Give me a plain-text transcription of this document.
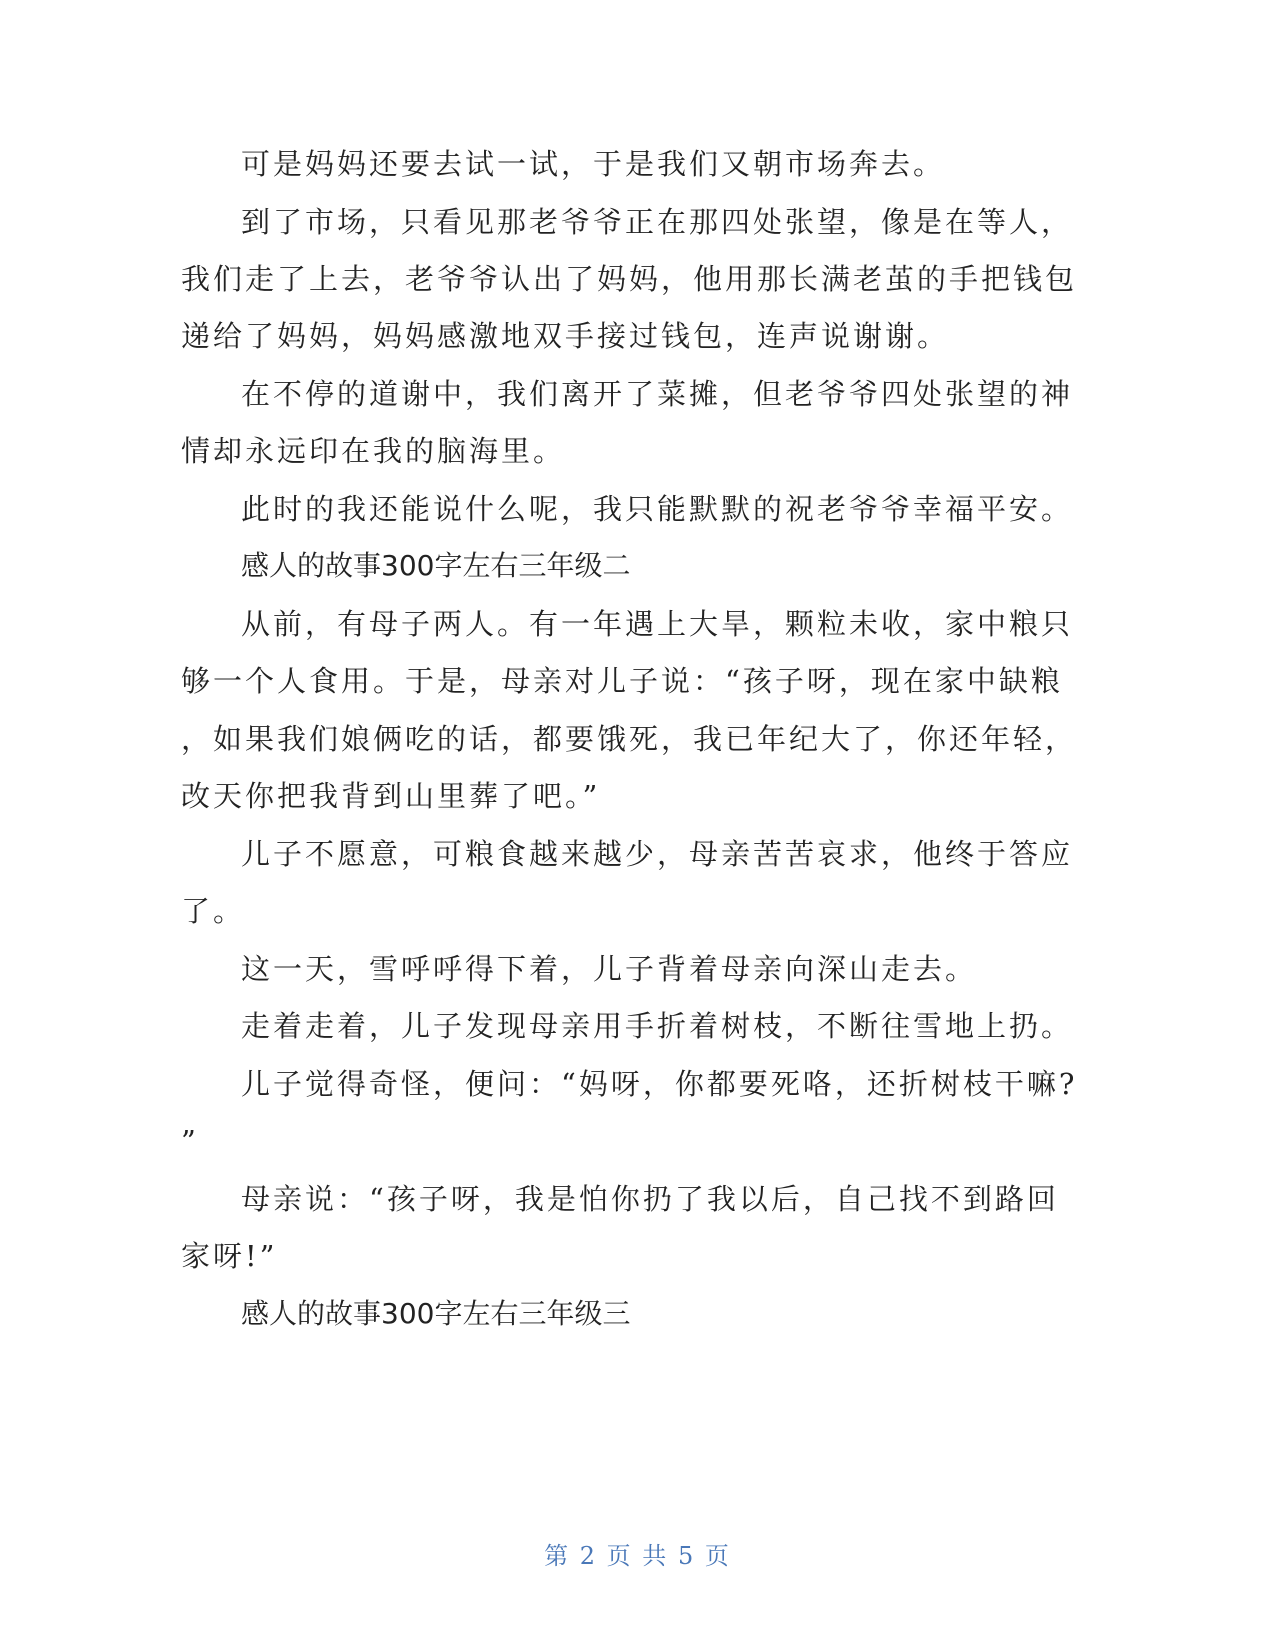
可是妈妈还要去试一试，于是我们又朝市场奔去。
到了市场，只看见那老爷爷正在那四处张望，像是在等人，
我们走了上去，老爷爷认出了妈妈，他用那长满老茧的手把钱包
递给了妈妈，妈妈感激地双手接过钱包，连声说谢谢。
在不停的道谢中，我们离开了菜摊，但老爷爷四处张望的神
情却永远印在我的脑海里。
此时的我还能说什么呢，我只能默默的祝老爷爷幸福平安。
感人的故事300字左右三年级二
从前，有母子两人。有一年遇上大旱，颗粒未收，家中粮只
够一个人食用。于是，母亲对儿子说：“孩子呀，现在家中缺粮
，如果我们娘俩吃的话，都要饿死，我已年纪大了，你还年轻，
改天你把我背到山里葬了吧。”
儿子不愿意，可粮食越来越少，母亲苦苦哀求，他终于答应
了。
这一天，雪呼呼得下着，儿子背着母亲向深山走去。
走着走着，儿子发现母亲用手折着树枝，不断往雪地上扔。
儿子觉得奇怪，便问：“妈呀，你都要死咯，还折树枝干嘛?
”
母亲说：“孩子呀，我是怕你扔了我以后，自己找不到路回
家呀!”
感人的故事300字左右三年级三
第 2 页 共 5 页
